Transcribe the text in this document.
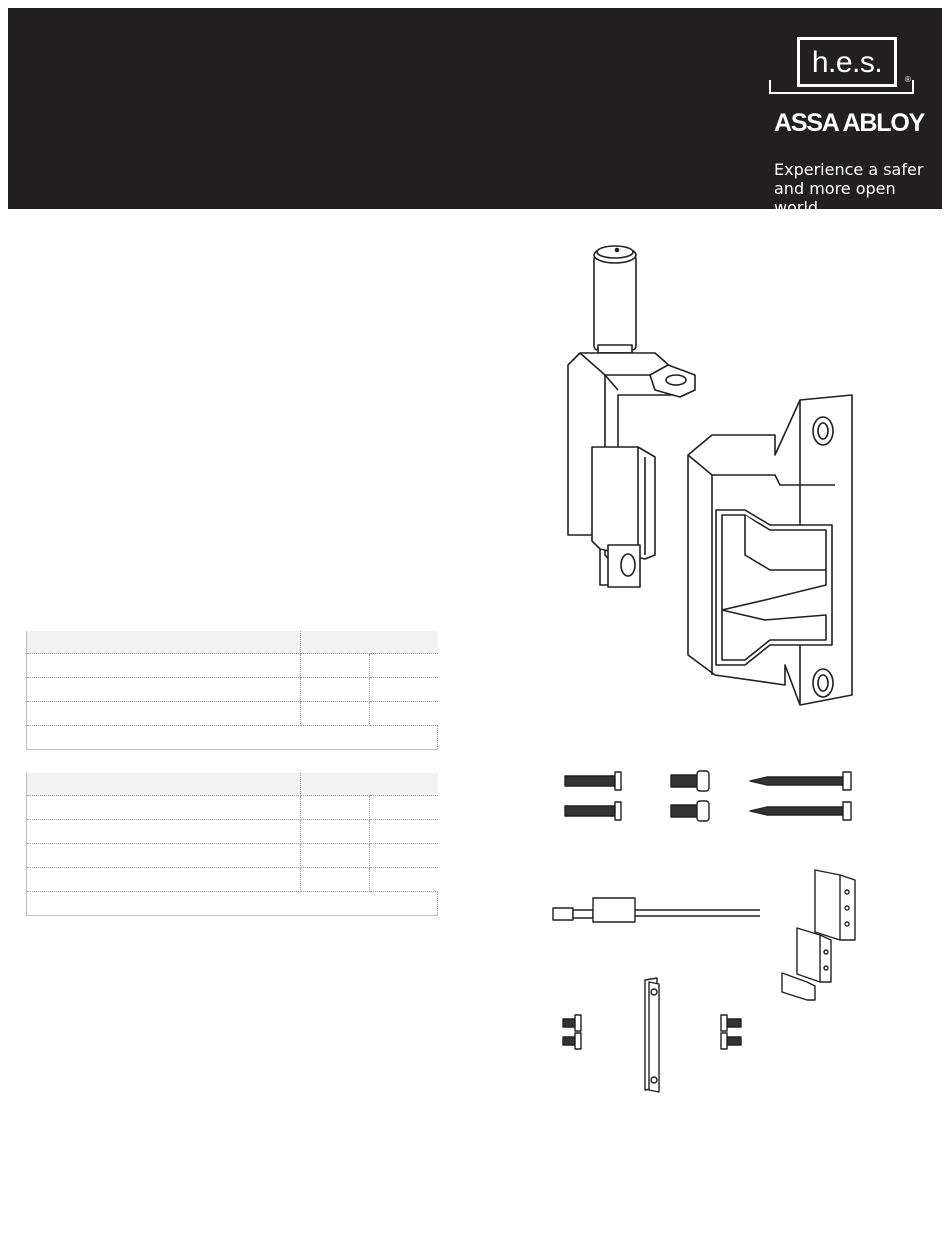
h.e.s.
®
ASSA ABLOY
Experience a safer
and more open world
